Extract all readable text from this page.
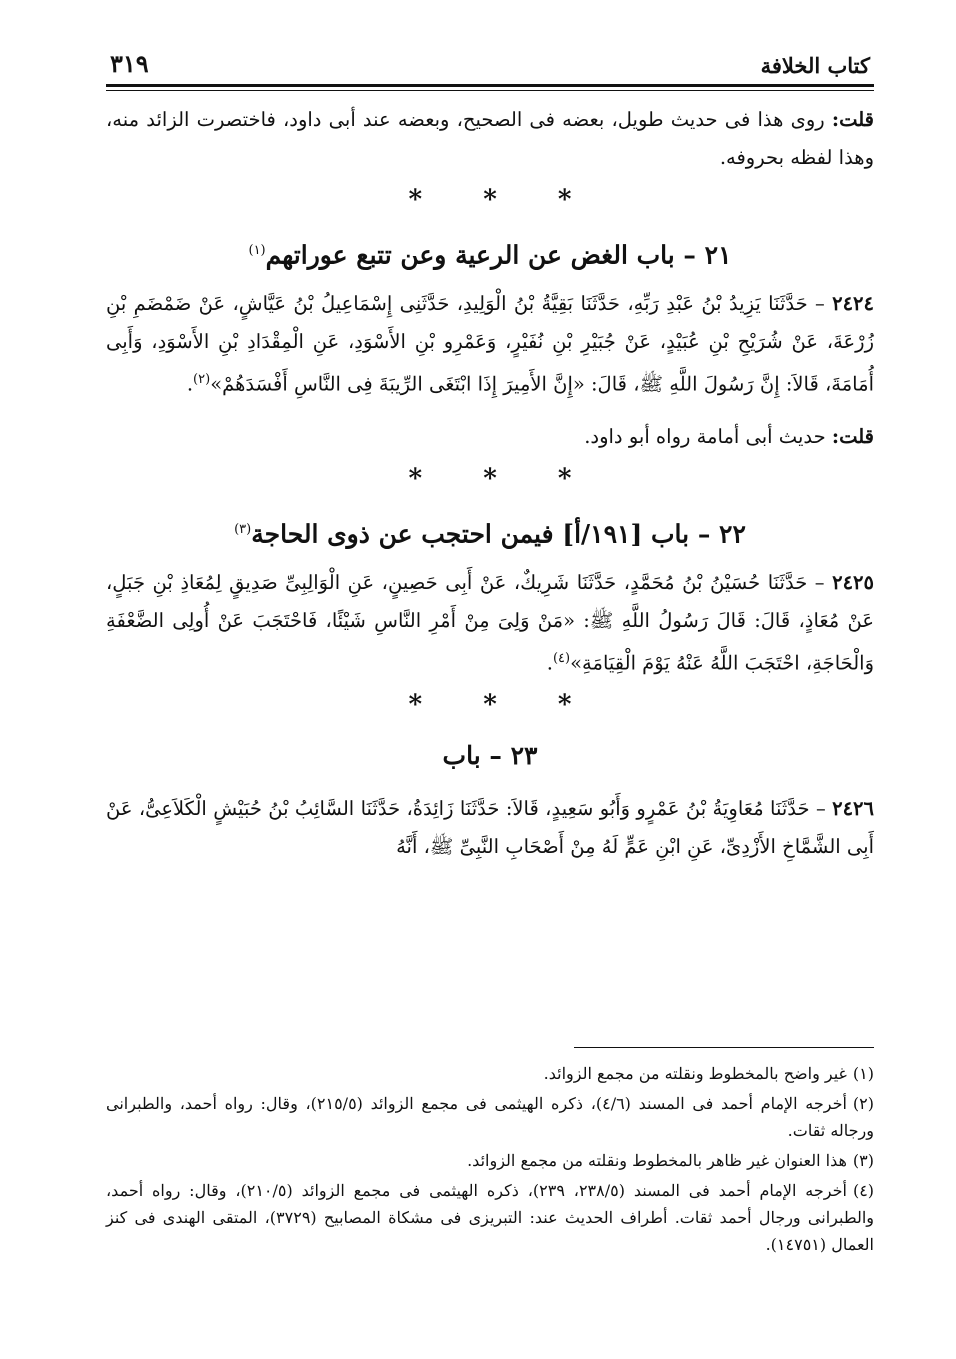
كتاب الخلافة
٣١٩

قلت: روى هذا فى حديث طويل، بعضه فى الصحيح، وبعضه عند أبى داود، فاختصرت الزائد منه، وهذا لفظه بحروفه.

* * *
٢١ – باب الغض عن الرعية وعن تتبع عوراتهم$^{(١)}$

٢٤٢٤ – حَدَّثَنَا يَزِيدُ بْنُ عَبْدِ رَبِّهِ، حَدَّثَنَا بَقِيَّةُ بْنُ الْوَلِيدِ، حَدَّثَنِى إِسْمَاعِيلُ بْنُ عَيَّاشٍ، عَنْ ضَمْضَمِ بْنِ زُرْعَةَ، عَنْ شُرَيْحِ بْنِ عُبَيْدٍ، عَنْ جُبَيْرِ بْنِ نُفَيْرٍ، وَعَمْرِو بْنِ الأَسْوَدِ، عَنِ الْمِقْدَادِ بْنِ الأَسْوَدِ، وَأَبِى أُمَامَةَ، قَالاَ: إِنَّ رَسُولَ اللَّهِ ﷺ، قَالَ: «إِنَّ الأَمِيرَ إِذَا ابْتَغَى الرِّيبَةَ فِى النَّاسِ أَفْسَدَهُمْ»$^{(٢)}$.

قلت: حديث أبى أمامة رواه أبو داود.

* * *
٢٢ – باب [١٩١/أ] فيمن احتجب عن ذوى الحاجة$^{(٣)}$

٢٤٢٥ – حَدَّثَنَا حُسَيْنُ بْنُ مُحَمَّدٍ، حَدَّثَنَا شَرِيكٌ، عَنْ أَبِى حَصِينٍ، عَنِ الْوَالِبِىِّ صَدِيقٍ لِمُعَاذِ بْنِ جَبَلٍ، عَنْ مُعَاذٍ، قَالَ: قَالَ رَسُولُ اللَّهِ ﷺ: «مَنْ وَلِىَ مِنْ أَمْرِ النَّاسِ شَيْئًا، فَاحْتَجَبَ عَنْ أُولِى الضَّعْفَةِ وَالْحَاجَةِ، احْتَجَبَ اللَّهُ عَنْهُ يَوْمَ الْقِيَامَةِ»$^{(٤)}$.

* * *
٢٣ – باب

٢٤٢٦ – حَدَّثَنَا مُعَاوِيَةُ بْنُ عَمْرٍو وَأَبُو سَعِيدٍ، قَالاَ: حَدَّثَنَا زَائِدَةُ، حَدَّثَنَا السَّائِبُ بْنُ حُبَيْشٍ الْكَلاَعِىُّ، عَنْ أَبِى الشَّمَّاخِ الأَزْدِىِّ، عَنِ ابْنِ عَمٍّ لَهُ مِنْ أَصْحَابِ النَّبِىِّ ﷺ، أَنَّهُ

(١)غير واضح بالمخطوط ونقلته من مجمع الزوائد.

(٢)أخرجه الإمام أحمد فى المسند (٤/٦)، ذكره الهيثمى فى مجمع الزوائد (٢١٥/٥)، وقال: رواه أحمد، والطبرانى ورجاله ثقات.

(٣)هذا العنوان غير ظاهر بالمخطوط ونقلته من مجمع الزوائد.

(٤)أخرجه الإمام أحمد فى المسند (٢٣٨/٥، ٢٣٩)، ذكره الهيثمى فى مجمع الزوائد (٢١٠/٥)، وقال: رواه أحمد، والطبرانى ورجال أحمد ثقات. أطراف الحديث عند: التبريزى فى مشكاة المصابيح (٣٧٢٩)، المتقى الهندى فى كنز العمال (١٤٧٥١).
